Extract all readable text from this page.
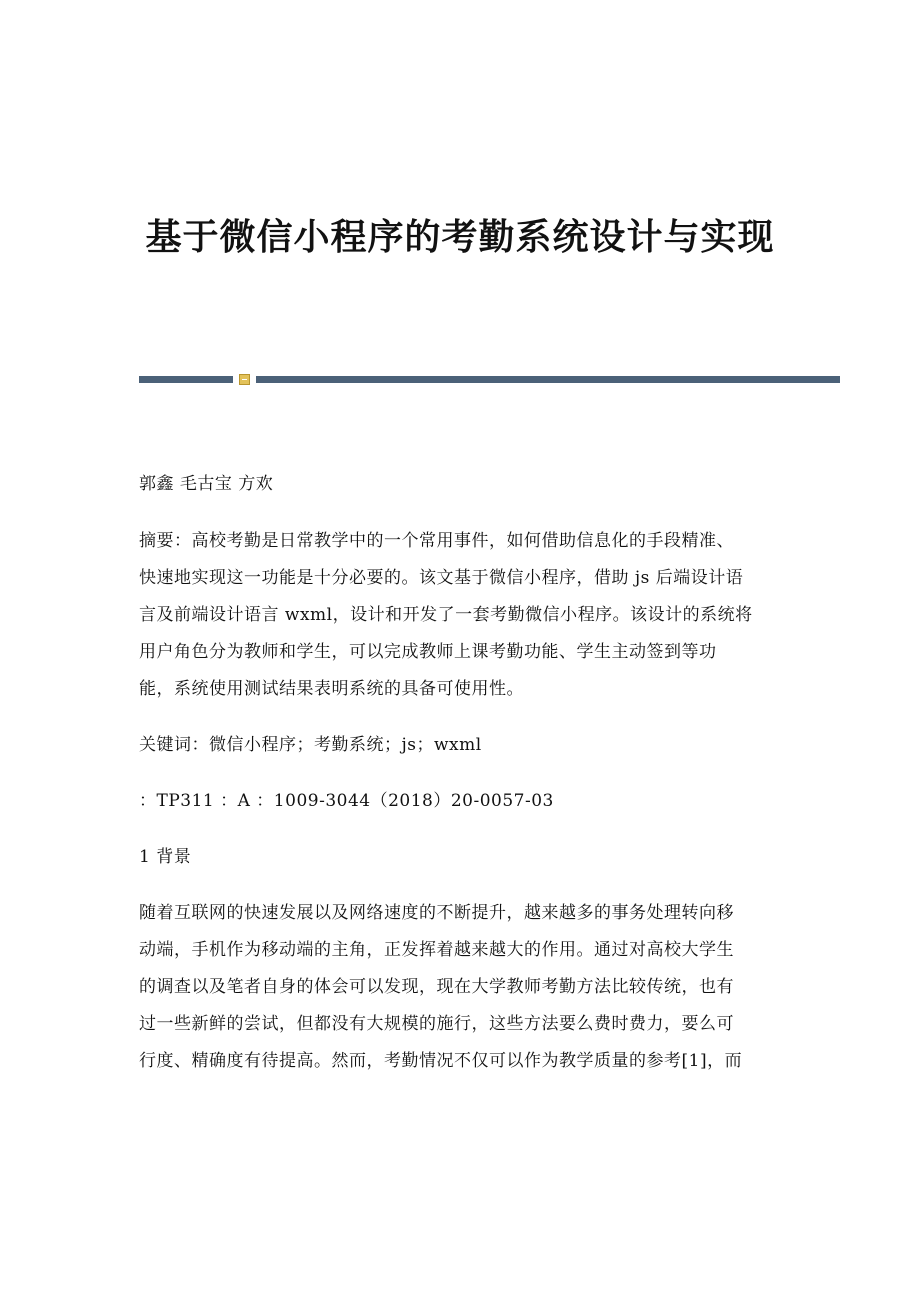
基于微信小程序的考勤系统设计与实现
郭鑫 毛古宝 方欢
摘要：高校考勤是日常教学中的一个常用事件，如何借助信息化的手段精准、
快速地实现这一功能是十分必要的。该文基于微信小程序，借助 js 后端设计语
言及前端设计语言 wxml，设计和开发了一套考勤微信小程序。该设计的系统将
用户角色分为教师和学生，可以完成教师上课考勤功能、学生主动签到等功
能，系统使用测试结果表明系统的具备可使用性。
关键词：微信小程序；考勤系统；js；wxml
：TP311 ：A ：1009-3044（2018）20-0057-03
1 背景
随着互联网的快速发展以及网络速度的不断提升，越来越多的事务处理转向移
动端，手机作为移动端的主角，正发挥着越来越大的作用。通过对高校大学生
的调查以及笔者自身的体会可以发现，现在大学教师考勤方法比较传统，也有
过一些新鲜的尝试，但都没有大规模的施行，这些方法要么费时费力，要么可
行度、精确度有待提高。然而，考勤情况不仅可以作为教学质量的参考[1]，而
